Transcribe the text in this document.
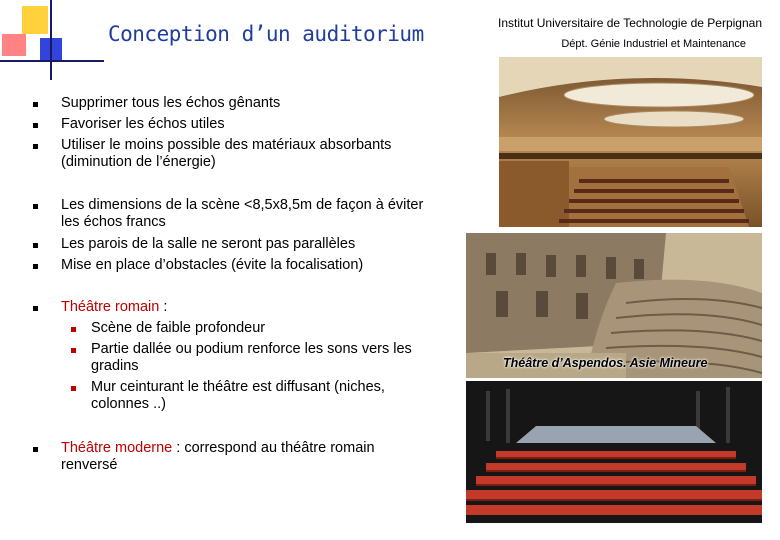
Conception d’un auditorium	Institut Universitaire de Technologie de Perpignan
Dépt. Génie Industriel et Maintenance
Supprimer tous les échos gênants
Favoriser les échos utiles
Utiliser le moins possible des matériaux absorbants (diminution de l’énergie)
Les dimensions de la scène <8,5x8,5m de façon à éviter les échos francs
Les parois de la salle ne seront pas parallèles
Mise en place d’obstacles (évite la focalisation)
Théâtre romain :
Scène de faible profondeur
Partie dallée ou podium renforce les sons vers les gradins
Mur ceinturant le théâtre est diffusant (niches, colonnes ..)
Théâtre moderne : correspond au théâtre romain renversé
Théâtre d’Aspendos. Asie Mineure
